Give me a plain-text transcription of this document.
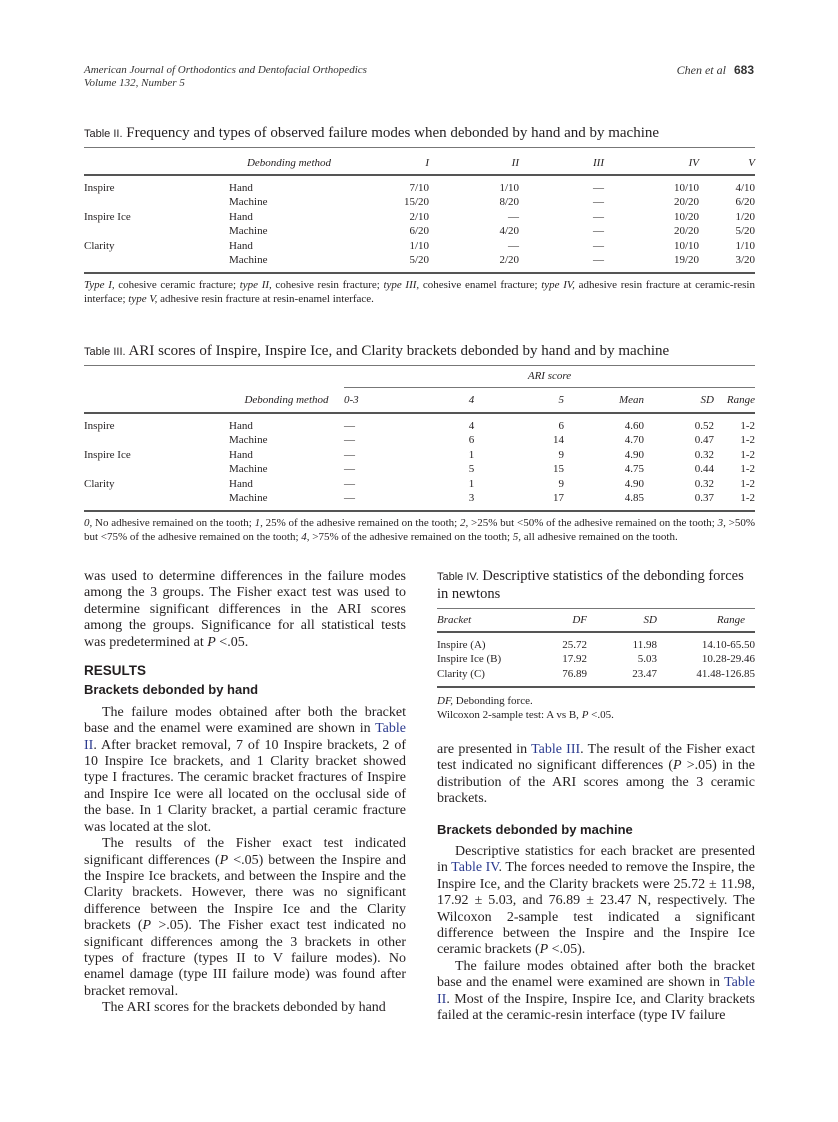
American Journal of Orthodontics and Dentofacial Orthopedics
Volume 132, Number 5
Chen et al 683
Table II. Frequency and types of observed failure modes when debonded by hand and by machine
	Debonding method	I	II	III	IV	V
Inspire	Hand	7/10	1/10	—	10/10	4/10
	Machine	15/20	8/20	—	20/20	6/20
Inspire Ice	Hand	2/10	—	—	10/20	1/20
	Machine	6/20	4/20	—	20/20	5/20
Clarity	Hand	1/10	—	—	10/10	1/10
	Machine	5/20	2/20	—	19/20	3/20
Type I, cohesive ceramic fracture; type II, cohesive resin fracture; type III, cohesive enamel fracture; type IV, adhesive resin fracture at ceramic-resin interface; type V, adhesive resin fracture at resin-enamel interface.
Table III. ARI scores of Inspire, Inspire Ice, and Clarity brackets debonded by hand and by machine
ARI score
	Debonding method	0-3	4	5	Mean	SD	Range
Inspire	Hand	—	4	6	4.60	0.52	1-2
	Machine	—	6	14	4.70	0.47	1-2
Inspire Ice	Hand	—	1	9	4.90	0.32	1-2
	Machine	—	5	15	4.75	0.44	1-2
Clarity	Hand	—	1	9	4.90	0.32	1-2
	Machine	—	3	17	4.85	0.37	1-2
0, No adhesive remained on the tooth; 1, 25% of the adhesive remained on the tooth; 2, >25% but <50% of the adhesive remained on the tooth; 3, >50% but <75% of the adhesive remained on the tooth; 4, >75% of the adhesive remained on the tooth; 5, all adhesive remained on the tooth.

was used to determine differences in the failure modes among the 3 groups. The Fisher exact test was used to determine significant differences in the ARI scores among the groups. Significance for all statistical tests was predetermined at P <.05.

RESULTS
Brackets debonded by hand

The failure modes obtained after both the bracket base and the enamel were examined are shown in Table II. After bracket removal, 7 of 10 Inspire brackets, 2 of 10 Inspire Ice brackets, and 1 Clarity bracket showed type I fractures. The ceramic bracket fractures of Inspire and Inspire Ice were all located on the occlusal side of the base. In 1 Clarity bracket, a partial ceramic fracture was located at the slot.

The results of the Fisher exact test indicated significant differences (P <.05) between the Inspire and the Inspire Ice brackets, and between the Inspire and the Clarity brackets. However, there was no significant difference between the Inspire Ice and the Clarity brackets (P >.05). The Fisher exact test indicated no significant differences among the 3 brackets in other types of fracture (types II to V failure modes). No enamel damage (type III failure mode) was found after bracket removal.

The ARI scores for the brackets debonded by hand

Table IV. Descriptive statistics of the debonding forces in newtons
Bracket	DF	SD	Range
Inspire (A)	25.72	11.98	14.10-65.50
Inspire Ice (B)	17.92	5.03	10.28-29.46
Clarity (C)	76.89	23.47	41.48-126.85
DF, Debonding force.
Wilcoxon 2-sample test: A vs B, P <.05.

are presented in Table III. The result of the Fisher exact test indicated no significant differences (P >.05) in the distribution of the ARI scores among the 3 ceramic brackets.

Brackets debonded by machine

Descriptive statistics for each bracket are presented in Table IV. The forces needed to remove the Inspire, the Inspire Ice, and the Clarity brackets were 25.72 ± 11.98, 17.92 ± 5.03, and 76.89 ± 23.47 N, respectively. The Wilcoxon 2-sample test indicated a significant difference between the Inspire and the Inspire Ice ceramic brackets (P <.05).

The failure modes obtained after both the bracket base and the enamel were examined are shown in Table II. Most of the Inspire, Inspire Ice, and Clarity brackets failed at the ceramic-resin interface (type IV failure
